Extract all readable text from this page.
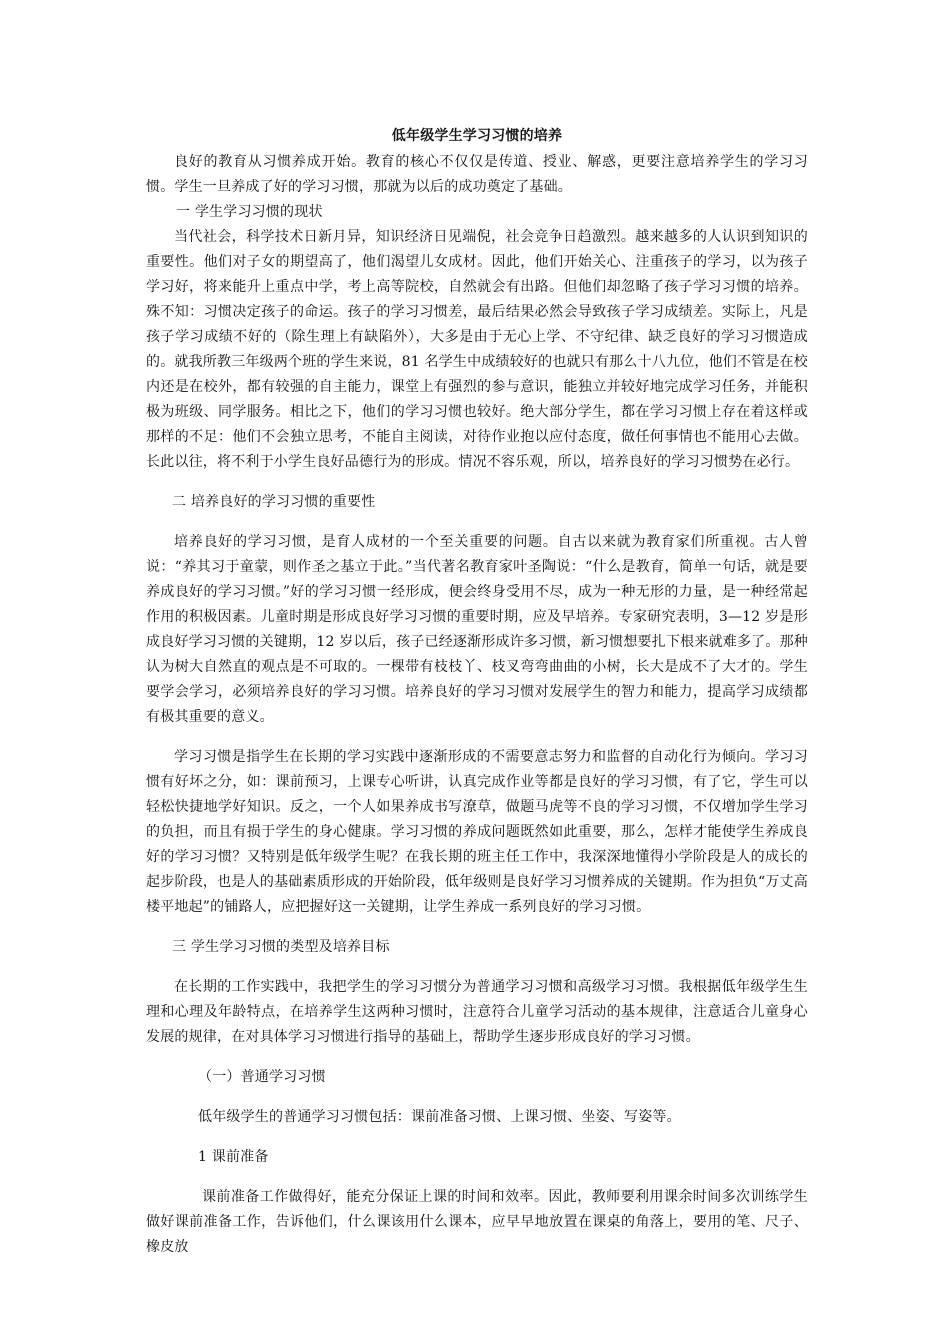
低年级学生学习习惯的培养

良好的教育从习惯养成开始。教育的核心不仅仅是传道、授业、解惑，更要注意培养学生的学习习惯。学生一旦养成了好的学习习惯，那就为以后的成功奠定了基础。

一 学生学习习惯的现状

当代社会，科学技术日新月异，知识经济日见端倪，社会竞争日趋激烈。越来越多的人认识到知识的重要性。他们对子女的期望高了，他们渴望儿女成材。因此，他们开始关心、注重孩子的学习，以为孩子学习好，将来能升上重点中学，考上高等院校，自然就会有出路。但他们却忽略了孩子学习习惯的培养。殊不知：习惯决定孩子的命运。孩子的学习习惯差，最后结果必然会导致孩子学习成绩差。实际上，凡是孩子学习成绩不好的（除生理上有缺陷外），大多是由于无心上学、不守纪律、缺乏良好的学习习惯造成的。就我所教三年级两个班的学生来说，81 名学生中成绩较好的也就只有那么十八九位，他们不管是在校内还是在校外，都有较强的自主能力，课堂上有强烈的参与意识，能独立并较好地完成学习任务，并能积极为班级、同学服务。相比之下，他们的学习习惯也较好。绝大部分学生，都在学习习惯上存在着这样或那样的不足：他们不会独立思考，不能自主阅读，对待作业抱以应付态度，做任何事情也不能用心去做。长此以往，将不利于小学生良好品德行为的形成。情况不容乐观，所以，培养良好的学习习惯势在必行。

二 培养良好的学习习惯的重要性

培养良好的学习习惯，是育人成材的一个至关重要的问题。自古以来就为教育家们所重视。古人曾说：“养其习于童蒙，则作圣之基立于此。”当代著名教育家叶圣陶说：“什么是教育，简单一句话，就是要养成良好的学习习惯。”好的学习习惯一经形成，便会终身受用不尽，成为一种无形的力量，是一种经常起作用的积极因素。儿童时期是形成良好学习习惯的重要时期，应及早培养。专家研究表明，3—12 岁是形成良好学习习惯的关键期，12 岁以后，孩子已经逐渐形成许多习惯，新习惯想要扎下根来就难多了。那种认为树大自然直的观点是不可取的。一棵带有枝枝丫、枝叉弯弯曲曲的小树，长大是成不了大才的。学生要学会学习，必须培养良好的学习习惯。培养良好的学习习惯对发展学生的智力和能力，提高学习成绩都有极其重要的意义。

学习习惯是指学生在长期的学习实践中逐渐形成的不需要意志努力和监督的自动化行为倾向。学习习惯有好坏之分，如：课前预习，上课专心听讲，认真完成作业等都是良好的学习习惯，有了它，学生可以轻松快捷地学好知识。反之，一个人如果养成书写潦草，做题马虎等不良的学习习惯，不仅增加学生学习的负担，而且有损于学生的身心健康。学习习惯的养成问题既然如此重要，那么，怎样才能使学生养成良好的学习习惯？又特别是低年级学生呢？在我长期的班主任工作中，我深深地懂得小学阶段是人的成长的起步阶段，也是人的基础素质形成的开始阶段，低年级则是良好学习习惯养成的关键期。作为担负“万丈高楼平地起”的铺路人，应把握好这一关键期，让学生养成一系列良好的学习习惯。

三 学生学习习惯的类型及培养目标

在长期的工作实践中，我把学生的学习习惯分为普通学习习惯和高级学习习惯。我根据低年级学生生理和心理及年龄特点，在培养学生这两种习惯时，注意符合儿童学习活动的基本规律，注意适合儿童身心发展的规律，在对具体学习习惯进行指导的基础上，帮助学生逐步形成良好的学习习惯。

（一）普通学习习惯

低年级学生的普通学习习惯包括：课前准备习惯、上课习惯、坐姿、写姿等。

1 课前准备

课前准备工作做得好，能充分保证上课的时间和效率。因此，教师要利用课余时间多次训练学生做好课前准备工作，告诉他们，什么课该用什么课本，应早早地放置在课桌的角落上，要用的笔、尺子、橡皮放
